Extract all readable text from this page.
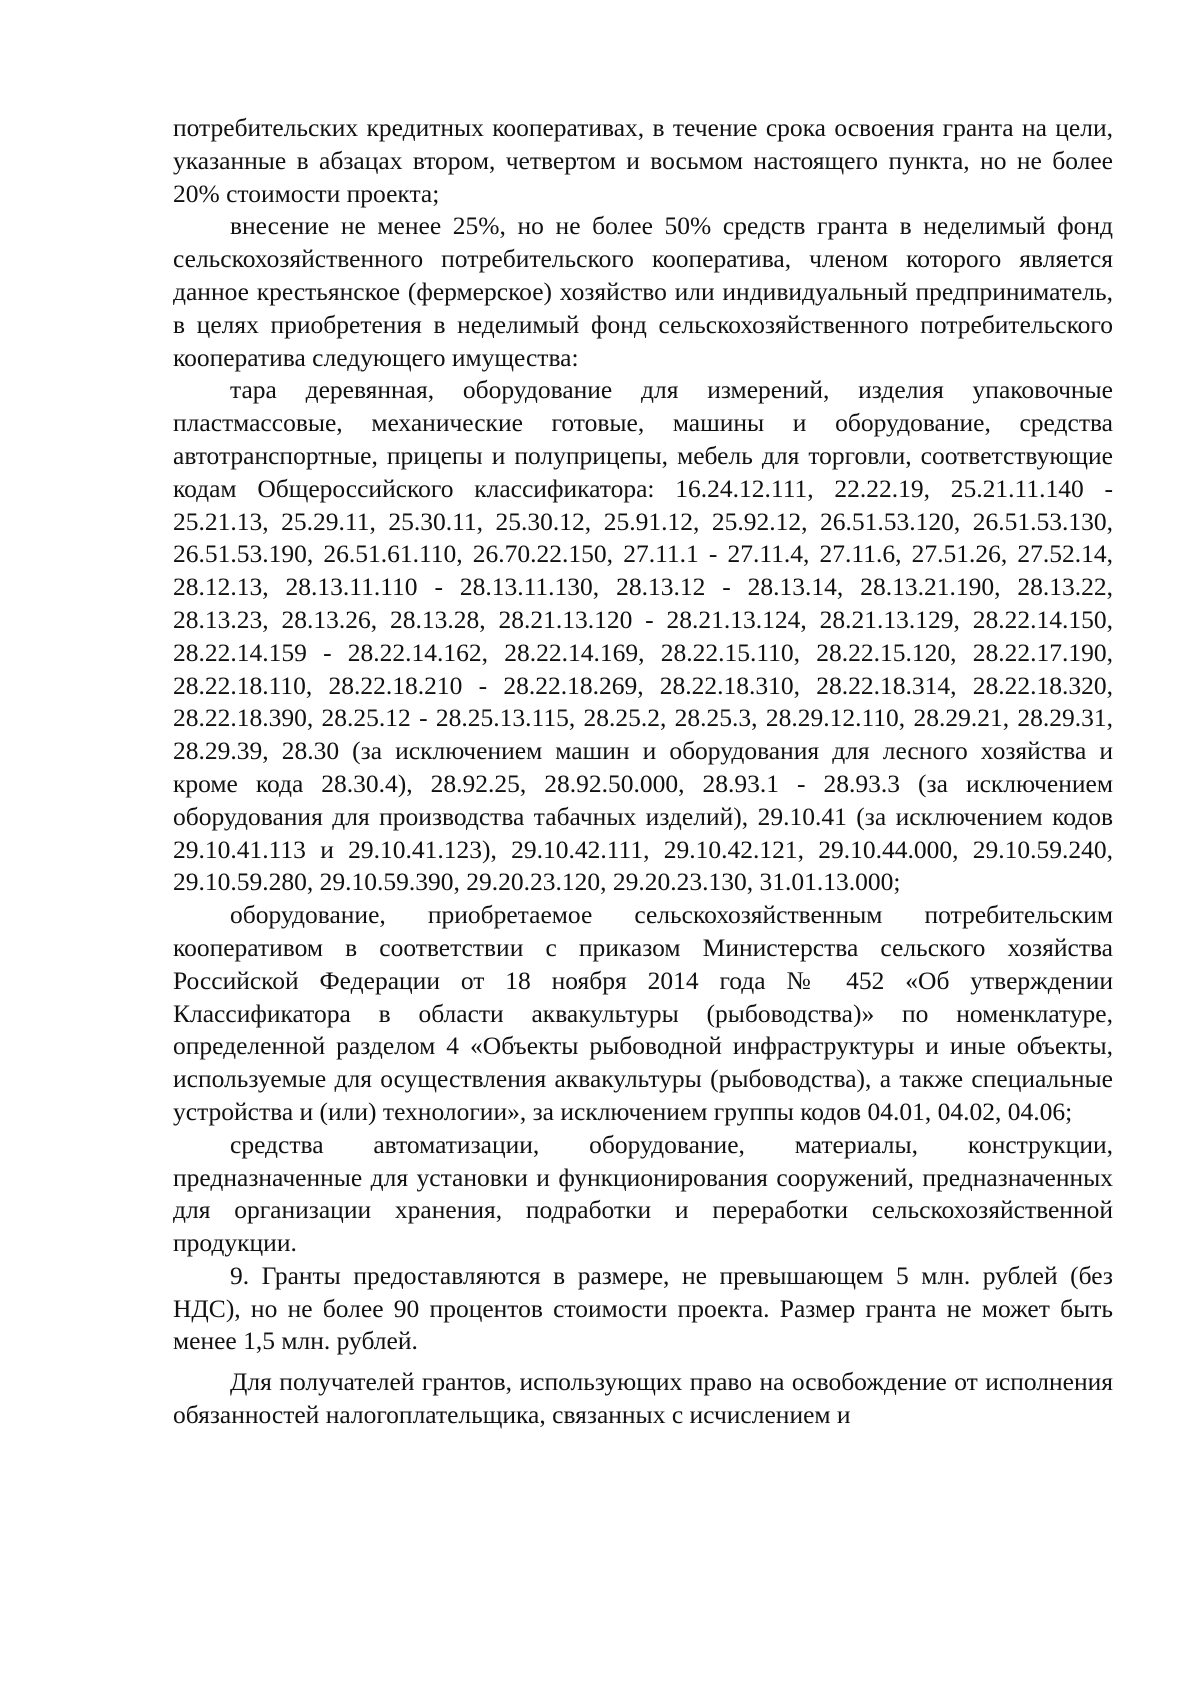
потребительских кредитных кооперативах, в течение срока освоения гранта на цели, указанные в абзацах втором, четвертом и восьмом настоящего пункта, но не более 20% стоимости проекта;

внесение не менее 25%, но не более 50% средств гранта в неделимый фонд сельскохозяйственного потребительского кооператива, членом которого является данное крестьянское (фермерское) хозяйство или индивидуальный предприниматель, в целях приобретения в неделимый фонд сельскохозяйственного потребительского кооператива следующего имущества:

тара деревянная, оборудование для измерений, изделия упаковочные пластмассовые, механические готовые, машины и оборудование, средства автотранспортные, прицепы и полуприцепы, мебель для торговли, соответствующие кодам Общероссийского классификатора: 16.24.12.111, 22.22.19, 25.21.11.140 - 25.21.13, 25.29.11, 25.30.11, 25.30.12, 25.91.12, 25.92.12, 26.51.53.120, 26.51.53.130, 26.51.53.190, 26.51.61.110, 26.70.22.150, 27.11.1 - 27.11.4, 27.11.6, 27.51.26, 27.52.14, 28.12.13, 28.13.11.110 - 28.13.11.130, 28.13.12 - 28.13.14, 28.13.21.190, 28.13.22, 28.13.23, 28.13.26, 28.13.28, 28.21.13.120 - 28.21.13.124, 28.21.13.129, 28.22.14.150, 28.22.14.159 - 28.22.14.162, 28.22.14.169, 28.22.15.110, 28.22.15.120, 28.22.17.190, 28.22.18.110, 28.22.18.210 - 28.22.18.269, 28.22.18.310, 28.22.18.314, 28.22.18.320, 28.22.18.390, 28.25.12 - 28.25.13.115, 28.25.2, 28.25.3, 28.29.12.110, 28.29.21, 28.29.31, 28.29.39, 28.30 (за исключением машин и оборудования для лесного хозяйства и кроме кода 28.30.4), 28.92.25, 28.92.50.000, 28.93.1 - 28.93.3 (за исключением оборудования для производства табачных изделий), 29.10.41 (за исключением кодов 29.10.41.113 и 29.10.41.123), 29.10.42.111, 29.10.42.121, 29.10.44.000, 29.10.59.240, 29.10.59.280, 29.10.59.390, 29.20.23.120, 29.20.23.130, 31.01.13.000;

оборудование, приобретаемое сельскохозяйственным потребительским кооперативом в соответствии с приказом Министерства сельского хозяйства Российской Федерации от 18 ноября 2014 года № 452 «Об утверждении Классификатора в области аквакультуры (рыбоводства)» по номенклатуре, определенной разделом 4 «Объекты рыбоводной инфраструктуры и иные объекты, используемые для осуществления аквакультуры (рыбоводства), а также специальные устройства и (или) технологии», за исключением группы кодов 04.01, 04.02, 04.06;

средства автоматизации, оборудование, материалы, конструкции, предназначенные для установки и функционирования сооружений, предназначенных для организации хранения, подработки и переработки сельскохозяйственной продукции.

9. Гранты предоставляются в размере, не превышающем 5 млн. рублей (без НДС), но не более 90 процентов стоимости проекта. Размер гранта не может быть менее 1,5 млн. рублей.

Для получателей грантов, использующих право на освобождение от исполнения обязанностей налогоплательщика, связанных с исчислением и
